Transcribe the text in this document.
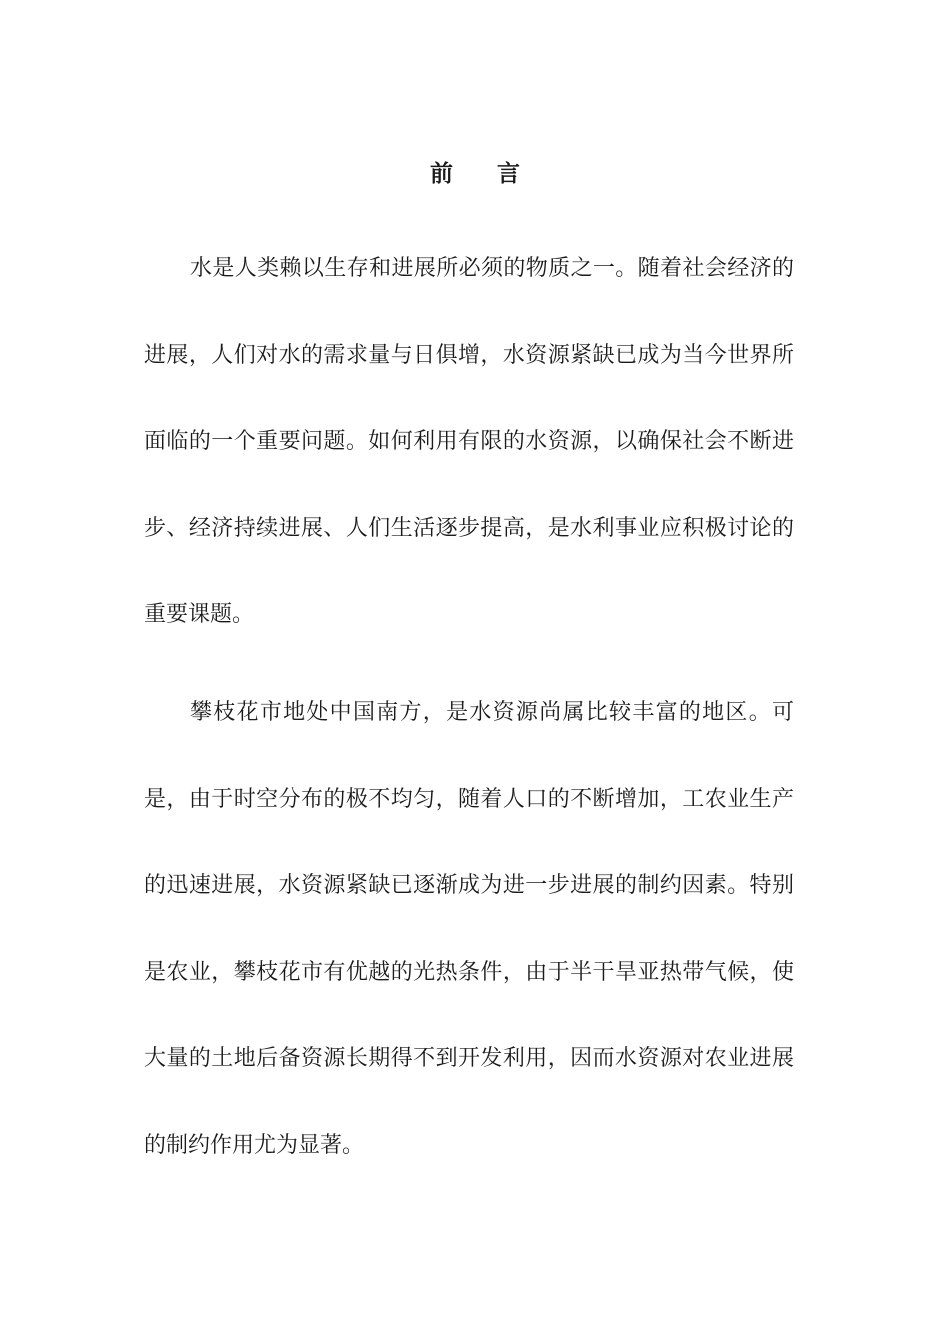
前言

水是人类赖以生存和进展所必须的物质之一。随着社会经济的进展，人们对水的需求量与日俱增，水资源紧缺已成为当今世界所面临的一个重要问题。如何利用有限的水资源，以确保社会不断进步、经济持续进展、人们生活逐步提高，是水利事业应积极讨论的重要课题。

攀枝花市地处中国南方，是水资源尚属比较丰富的地区。可是，由于时空分布的极不均匀，随着人口的不断增加，工农业生产的迅速进展，水资源紧缺已逐渐成为进一步进展的制约因素。特别是农业，攀枝花市有优越的光热条件，由于半干旱亚热带气候，使大量的土地后备资源长期得不到开发利用，因而水资源对农业进展的制约作用尤为显著。
